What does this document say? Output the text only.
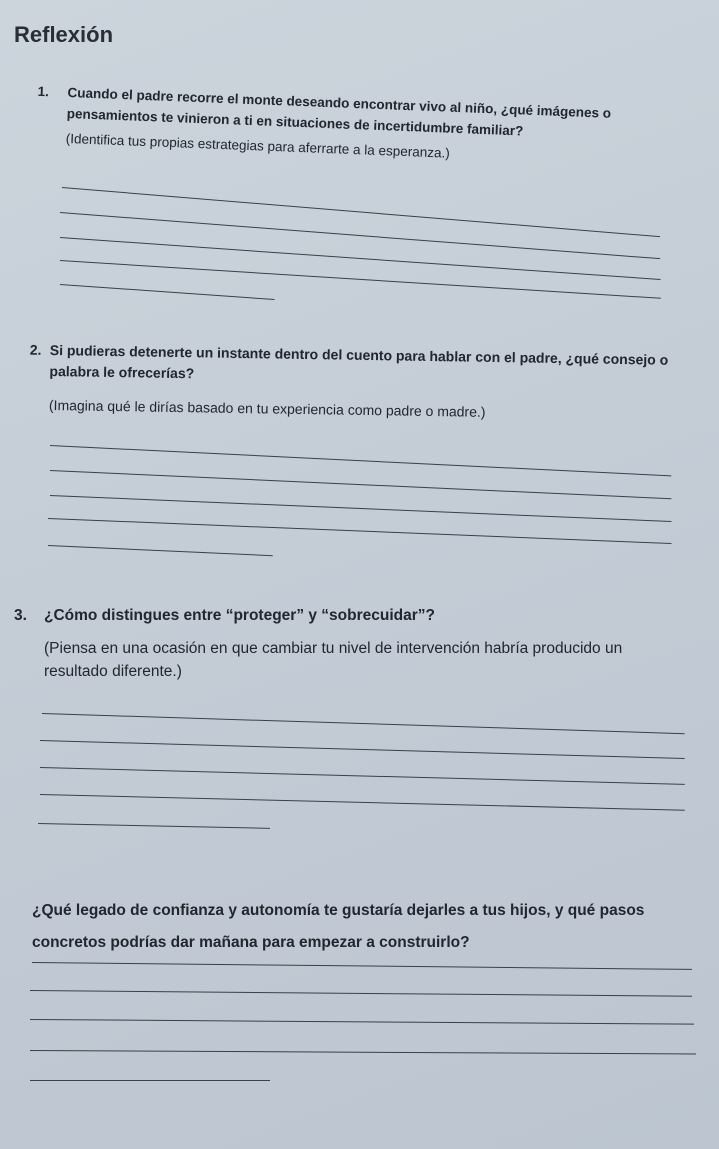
Reflexión
1. Cuando el padre recorre el monte deseando encontrar vivo al niño, ¿qué imágenes o pensamientos te vinieron a ti en situaciones de incertidumbre familiar?
(Identifica tus propias estrategias para aferrarte a la esperanza.)
2. Si pudieras detenerte un instante dentro del cuento para hablar con el padre, ¿qué consejo o palabra le ofrecerías?
(Imagina qué le dirías basado en tu experiencia como padre o madre.)
3. ¿Cómo distingues entre “proteger” y “sobrecuidar”?
(Piensa en una ocasión en que cambiar tu nivel de intervención habría producido un resultado diferente.)
¿Qué legado de confianza y autonomía te gustaría dejarles a tus hijos, y qué pasos concretos podrías dar mañana para empezar a construirlo?
